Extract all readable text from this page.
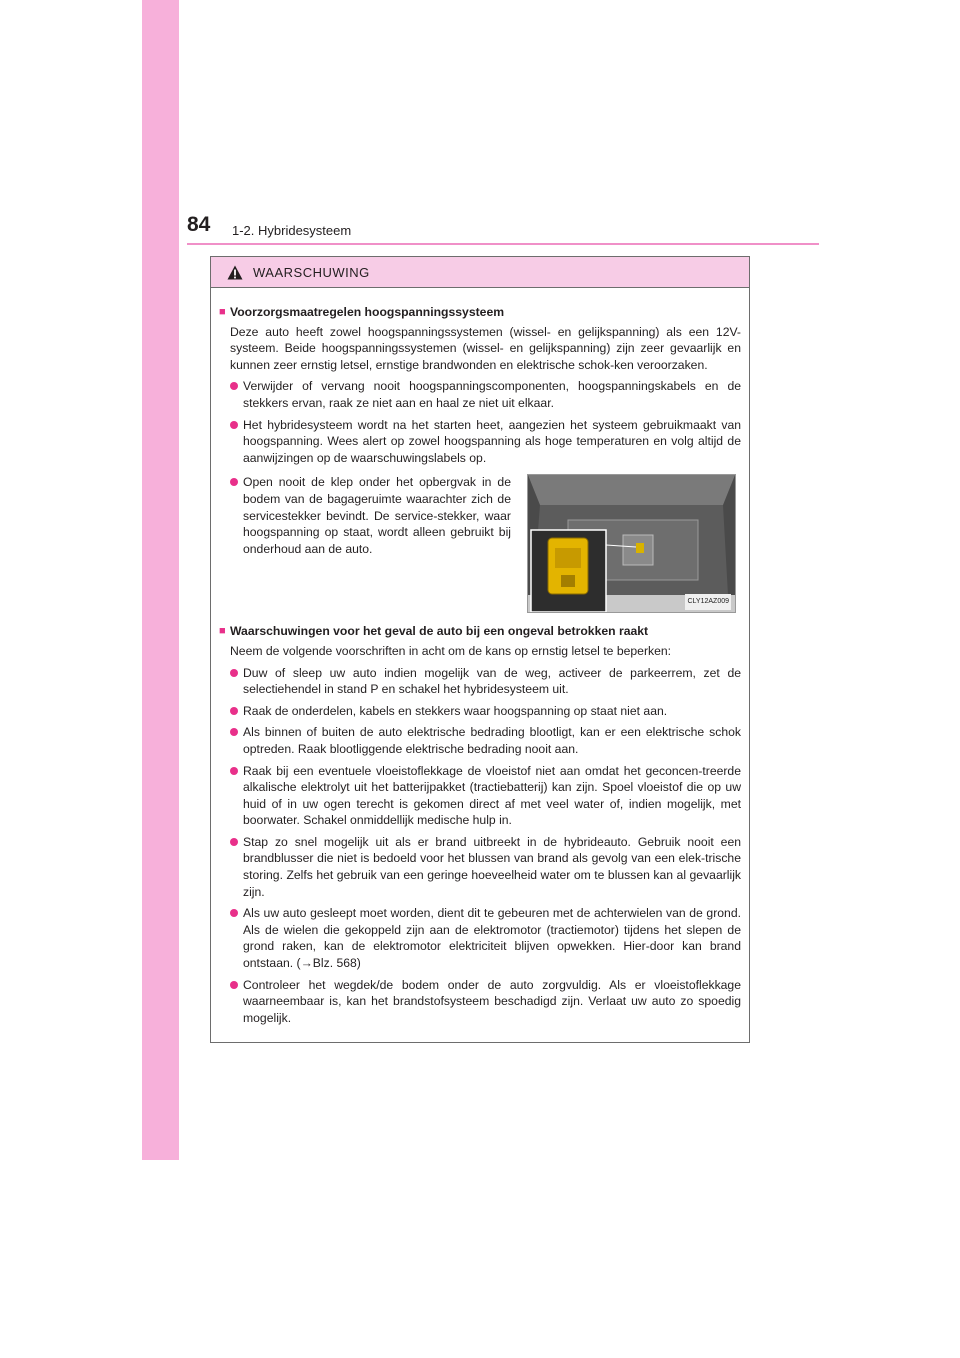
84 1-2. Hybridesysteem
WAARSCHUWING
■ Voorzorgsmaatregelen hoogspanningssysteem
Deze auto heeft zowel hoogspanningssystemen (wissel- en gelijkspanning) als een 12V-systeem. Beide hoogspanningssystemen (wissel- en gelijkspanning) zijn zeer gevaarlijk en kunnen zeer ernstig letsel, ernstige brandwonden en elektrische schok-ken veroorzaken.
Verwijder of vervang nooit hoogspanningscomponenten, hoogspanningskabels en de stekkers ervan, raak ze niet aan en haal ze niet uit elkaar.
Het hybridesysteem wordt na het starten heet, aangezien het systeem gebruikmaakt van hoogspanning. Wees alert op zowel hoogspanning als hoge temperaturen en volg altijd de aanwijzingen op de waarschuwingslabels op.
Open nooit de klep onder het opbergvak in de bodem van de bagageruimte waarachter zich de servicestekker bevindt. De service-stekker, waar hoogspanning op staat, wordt alleen gebruikt bij onderhoud aan de auto.
CLY12AZ009
■ Waarschuwingen voor het geval de auto bij een ongeval betrokken raakt
Neem de volgende voorschriften in acht om de kans op ernstig letsel te beperken:
Duw of sleep uw auto indien mogelijk van de weg, activeer de parkeerrem, zet de selectiehendel in stand P en schakel het hybridesysteem uit.
Raak de onderdelen, kabels en stekkers waar hoogspanning op staat niet aan.
Als binnen of buiten de auto elektrische bedrading blootligt, kan er een elektrische schok optreden. Raak blootliggende elektrische bedrading nooit aan.
Raak bij een eventuele vloeistoflekkage de vloeistof niet aan omdat het geconcen-treerde alkalische elektrolyt uit het batterijpakket (tractiebatterij) kan zijn. Spoel vloeistof die op uw huid of in uw ogen terecht is gekomen direct af met veel water of, indien mogelijk, met boorwater. Schakel onmiddellijk medische hulp in.
Stap zo snel mogelijk uit als er brand uitbreekt in de hybrideauto. Gebruik nooit een brandblusser die niet is bedoeld voor het blussen van brand als gevolg van een elek-trische storing. Zelfs het gebruik van een geringe hoeveelheid water om te blussen kan al gevaarlijk zijn.
Als uw auto gesleept moet worden, dient dit te gebeuren met de achterwielen van de grond. Als de wielen die gekoppeld zijn aan de elektromotor (tractiemotor) tijdens het slepen de grond raken, kan de elektromotor elektriciteit blijven opwekken. Hier-door kan brand ontstaan. (→Blz. 568)
Controleer het wegdek/de bodem onder de auto zorgvuldig. Als er vloeistoflekkage waarneembaar is, kan het brandstofsysteem beschadigd zijn. Verlaat uw auto zo spoedig mogelijk.
